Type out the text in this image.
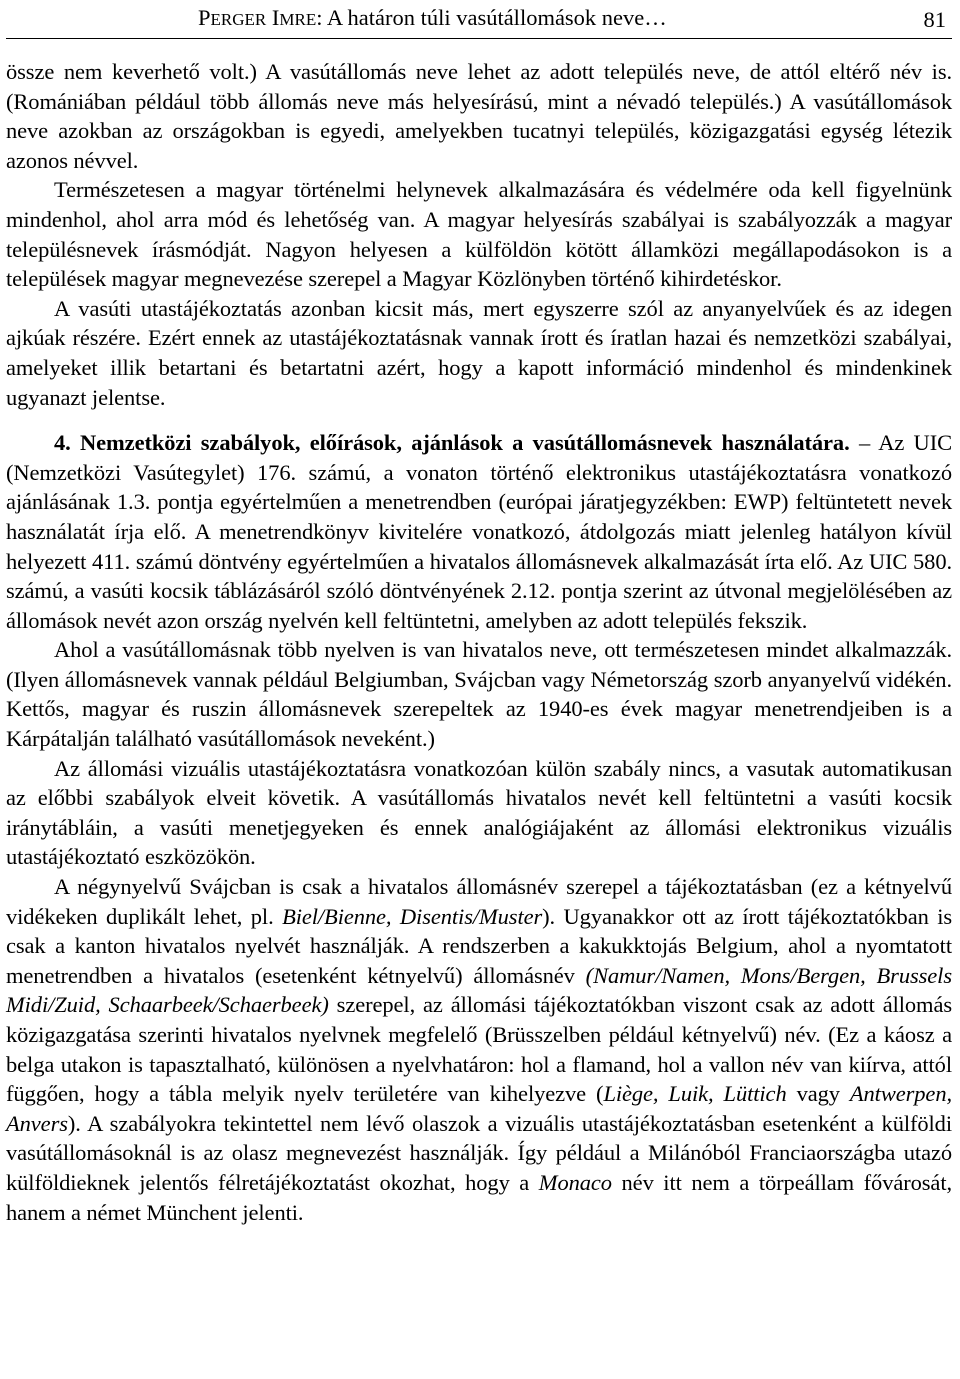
PERGER IMRE: A határon túli vasútállomások neve…	81

össze nem keverhető volt.) A vasútállomás neve lehet az adott település neve, de attól eltérő név is. (Romániában például több állomás neve más helyesírású, mint a névadó település.) A vasútállomások neve azokban az országokban is egyedi, amelyekben tucatnyi település, közigazgatási egység létezik azonos névvel.

Természetesen a magyar történelmi helynevek alkalmazására és védelmére oda kell figyelnünk mindenhol, ahol arra mód és lehetőség van. A magyar helyesírás szabályai is szabályozzák a magyar településnevek írásmódját. Nagyon helyesen a külföldön kötött államközi megállapodásokon is a települések magyar megnevezése szerepel a Magyar Közlönyben történő kihirdetéskor.

A vasúti utastájékoztatás azonban kicsit más, mert egyszerre szól az anyanyelvűek és az idegen ajkúak részére. Ezért ennek az utastájékoztatásnak vannak írott és íratlan hazai és nemzetközi szabályai, amelyeket illik betartani és betartatni azért, hogy a kapott információ mindenhol és mindenkinek ugyanazt jelentse.

4. Nemzetközi szabályok, előírások, ajánlások a vasútállomásnevek használatára. – Az UIC (Nemzetközi Vasútegylet) 176. számú, a vonaton történő elektronikus utastájékoztatásra vonatkozó ajánlásának 1.3. pontja egyértelműen a menetrendben (európai járatjegyzékben: EWP) feltüntetett nevek használatát írja elő. A menetrendkönyv kivitelére vonatkozó, átdolgozás miatt jelenleg hatályon kívül helyezett 411. számú döntvény egyértelműen a hivatalos állomásnevek alkalmazását írta elő. Az UIC 580. számú, a vasúti kocsik táblázásáról szóló döntvényének 2.12. pontja szerint az útvonal megjelölésében az állomások nevét azon ország nyelvén kell feltüntetni, amelyben az adott település fekszik.

Ahol a vasútállomásnak több nyelven is van hivatalos neve, ott természetesen mindet alkalmazzák. (Ilyen állomásnevek vannak például Belgiumban, Svájcban vagy Németország szorb anyanyelvű vidékén. Kettős, magyar és ruszin állomásnevek szerepeltek az 1940-es évek magyar menetrendjeiben is a Kárpátalján található vasútállomások neveként.)

Az állomási vizuális utastájékoztatásra vonatkozóan külön szabály nincs, a vasutak automatikusan az előbbi szabályok elveit követik. A vasútállomás hivatalos nevét kell feltüntetni a vasúti kocsik iránytábláin, a vasúti menetjegyeken és ennek analógiájaként az állomási elektronikus vizuális utastájékoztató eszközökön.

A négynyelvű Svájcban is csak a hivatalos állomásnév szerepel a tájékoztatásban (ez a kétnyelvű vidékeken duplikált lehet, pl. Biel/Bienne, Disentis/Muster). Ugyanakkor ott az írott tájékoztatókban is csak a kanton hivatalos nyelvét használják. A rendszerben a kakukktojás Belgium, ahol a nyomtatott menetrendben a hivatalos (esetenként kétnyelvű) állomásnév (Namur/Namen, Mons/Bergen, Brussels Midi/Zuid, Schaarbeek/Schaerbeek) szerepel, az állomási tájékoztatókban viszont csak az adott állomás közigazgatása szerinti hivatalos nyelvnek megfelelő (Brüsszelben például kétnyelvű) név. (Ez a káosz a belga utakon is tapasztalható, különösen a nyelvhatáron: hol a flamand, hol a vallon név van kiírva, attól függően, hogy a tábla melyik nyelv területére van kihelyezve (Liège, Luik, Lüttich vagy Antwerpen, Anvers). A szabályokra tekintettel nem lévő olaszok a vizuális utastájékoztatásban esetenként a külföldi vasútállomásoknál is az olasz megnevezést használják. Így például a Milánóból Franciaországba utazó külföldieknek jelentős félretájékoztatást okozhat, hogy a Monaco név itt nem a törpeállam fővárosát, hanem a német Münchent jelenti.
